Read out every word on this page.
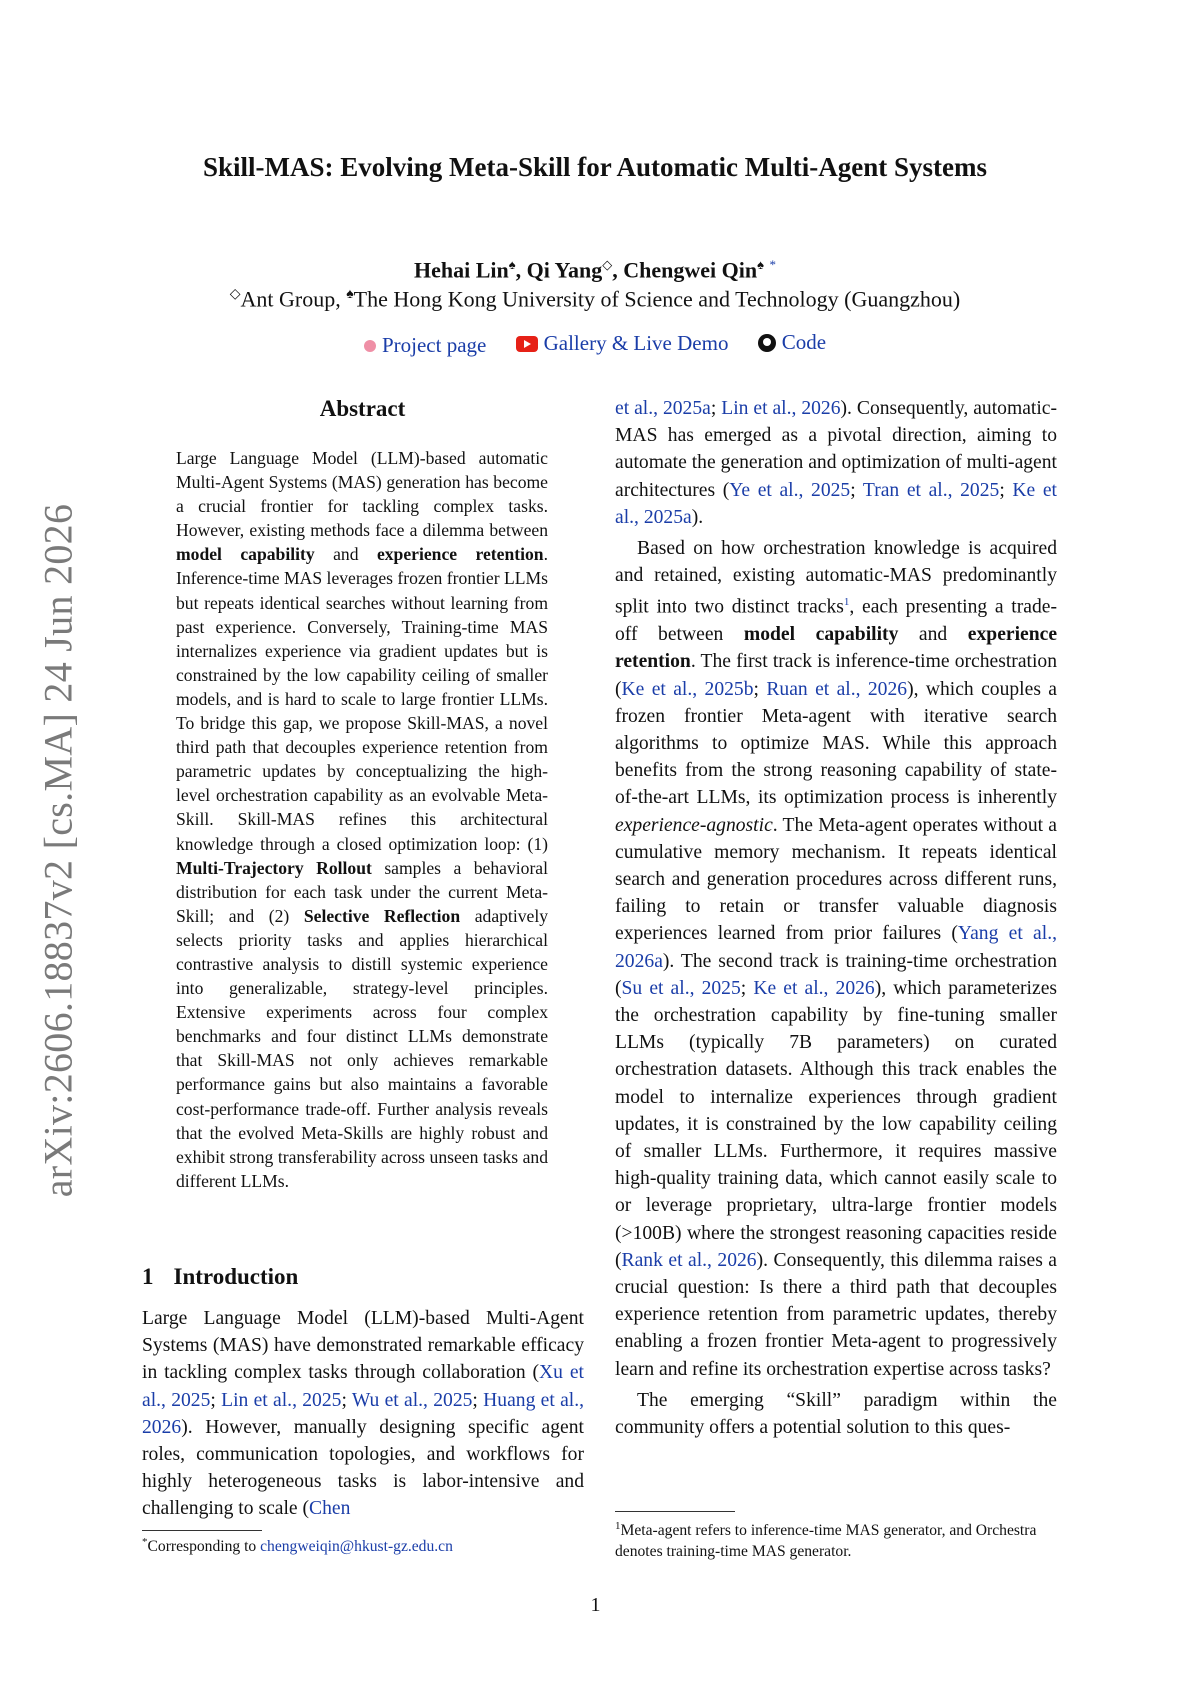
arXiv:2606.18837v2 [cs.MA] 24 Jun 2026
Skill-MAS: Evolving Meta-Skill for Automatic Multi-Agent Systems
Hehai Lin♠, Qi Yang◇, Chengwei Qin♠ *
◇Ant Group, ♠The Hong Kong University of Science and Technology (Guangzhou)
Project page
	Gallery & Live Demo
	Code
Abstract

Large Language Model (LLM)-based automatic Multi-Agent Systems (MAS) generation has become a crucial frontier for tackling complex tasks. However, existing methods face a dilemma between model capability and experience retention. Inference-time MAS leverages frozen frontier LLMs but repeats identical searches without learning from past experience. Conversely, Training-time MAS internalizes experience via gradient updates but is constrained by the low capability ceiling of smaller models, and is hard to scale to large frontier LLMs. To bridge this gap, we propose Skill-MAS, a novel third path that decouples experience retention from parametric updates by conceptualizing the high-level orchestration capability as an evolvable Meta-Skill. Skill-MAS refines this architectural knowledge through a closed optimization loop: (1) Multi-Trajectory Rollout samples a behavioral distribution for each task under the current Meta-Skill; and (2) Selective Reflection adaptively selects priority tasks and applies hierarchical contrastive analysis to distill systemic experience into generalizable, strategy-level principles. Extensive experiments across four complex benchmarks and four distinct LLMs demonstrate that Skill-MAS not only achieves remarkable performance gains but also maintains a favorable cost-performance trade-off. Further analysis reveals that the evolved Meta-Skills are highly robust and exhibit strong transferability across unseen tasks and different LLMs.

1 Introduction

Large Language Model (LLM)-based Multi-Agent Systems (MAS) have demonstrated remarkable efficacy in tackling complex tasks through collaboration (Xu et al., 2025; Lin et al., 2025; Wu et al., 2025; Huang et al., 2026). However, manually designing specific agent roles, communication topologies, and workflows for highly heterogeneous tasks is labor-intensive and challenging to scale (Chen

et al., 2025a; Lin et al., 2026). Consequently, automatic-MAS has emerged as a pivotal direction, aiming to automate the generation and optimization of multi-agent architectures (Ye et al., 2025; Tran et al., 2025; Ke et al., 2025a).

Based on how orchestration knowledge is acquired and retained, existing automatic-MAS predominantly split into two distinct tracks$^1$, each presenting a trade-off between model capability and experience retention. The first track is inference-time orchestration (Ke et al., 2025b; Ruan et al., 2026), which couples a frozen frontier Meta-agent with iterative search algorithms to optimize MAS. While this approach benefits from the strong reasoning capability of state-of-the-art LLMs, its optimization process is inherently experience-agnostic. The Meta-agent operates without a cumulative memory mechanism. It repeats identical search and generation procedures across different runs, failing to retain or transfer valuable diagnosis experiences learned from prior failures (Yang et al., 2026a). The second track is training-time orchestration (Su et al., 2025; Ke et al., 2026), which parameterizes the orchestration capability by fine-tuning smaller LLMs (typically 7B parameters) on curated orchestration datasets. Although this track enables the model to internalize experiences through gradient updates, it is constrained by the low capability ceiling of smaller LLMs. Furthermore, it requires massive high-quality training data, which cannot easily scale to or leverage proprietary, ultra-large frontier models (>100B) where the strongest reasoning capacities reside (Rank et al., 2026). Consequently, this dilemma raises a crucial question: Is there a third path that decouples experience retention from parametric updates, thereby enabling a frozen frontier Meta-agent to progressively learn and refine its orchestration expertise across tasks?

The emerging “Skill” paradigm within the community offers a potential solution to this ques-

*Corresponding to chengweiqin@hkust-gz.edu.cn
$^1$Meta-agent refers to inference-time MAS generator, and Orchestra denotes training-time MAS generator.
1
